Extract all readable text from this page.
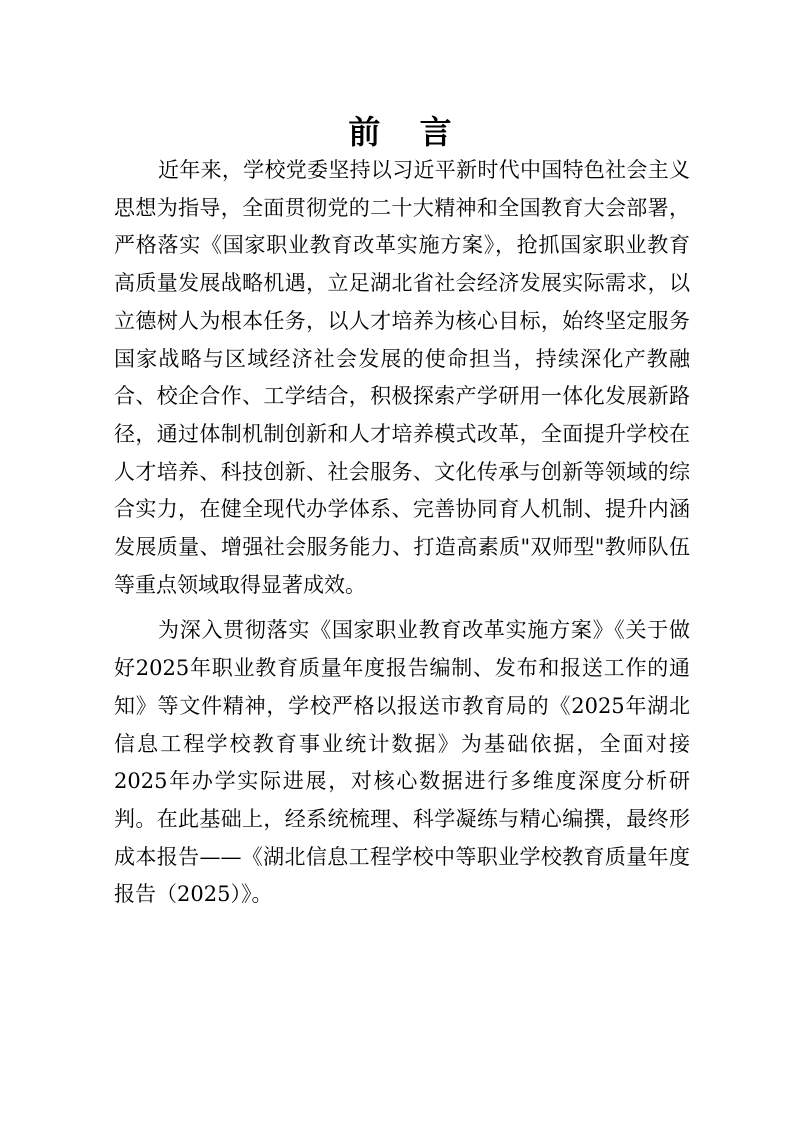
前 言

近年来，学校党委坚持以习近平新时代中国特色社会主义思想为指导，全面贯彻党的二十大精神和全国教育大会部署，严格落实《国家职业教育改革实施方案》，抢抓国家职业教育高质量发展战略机遇，立足湖北省社会经济发展实际需求，以立德树人为根本任务，以人才培养为核心目标，始终坚定服务国家战略与区域经济社会发展的使命担当，持续深化产教融合、校企合作、工学结合，积极探索产学研用一体化发展新路径，通过体制机制创新和人才培养模式改革，全面提升学校在人才培养、科技创新、社会服务、文化传承与创新等领域的综合实力，在健全现代办学体系、完善协同育人机制、提升内涵发展质量、增强社会服务能力、打造高素质"双师型"教师队伍等重点领域取得显著成效。

为深入贯彻落实《国家职业教育改革实施方案》《关于做好2025年职业教育质量年度报告编制、发布和报送工作的通知》等文件精神，学校严格以报送市教育局的《2025年湖北信息工程学校教育事业统计数据》为基础依据，全面对接2025年办学实际进展，对核心数据进行多维度深度分析研判。在此基础上，经系统梳理、科学凝练与精心编撰，最终形成本报告——《湖北信息工程学校中等职业学校教育质量年度报告（2025）》。
